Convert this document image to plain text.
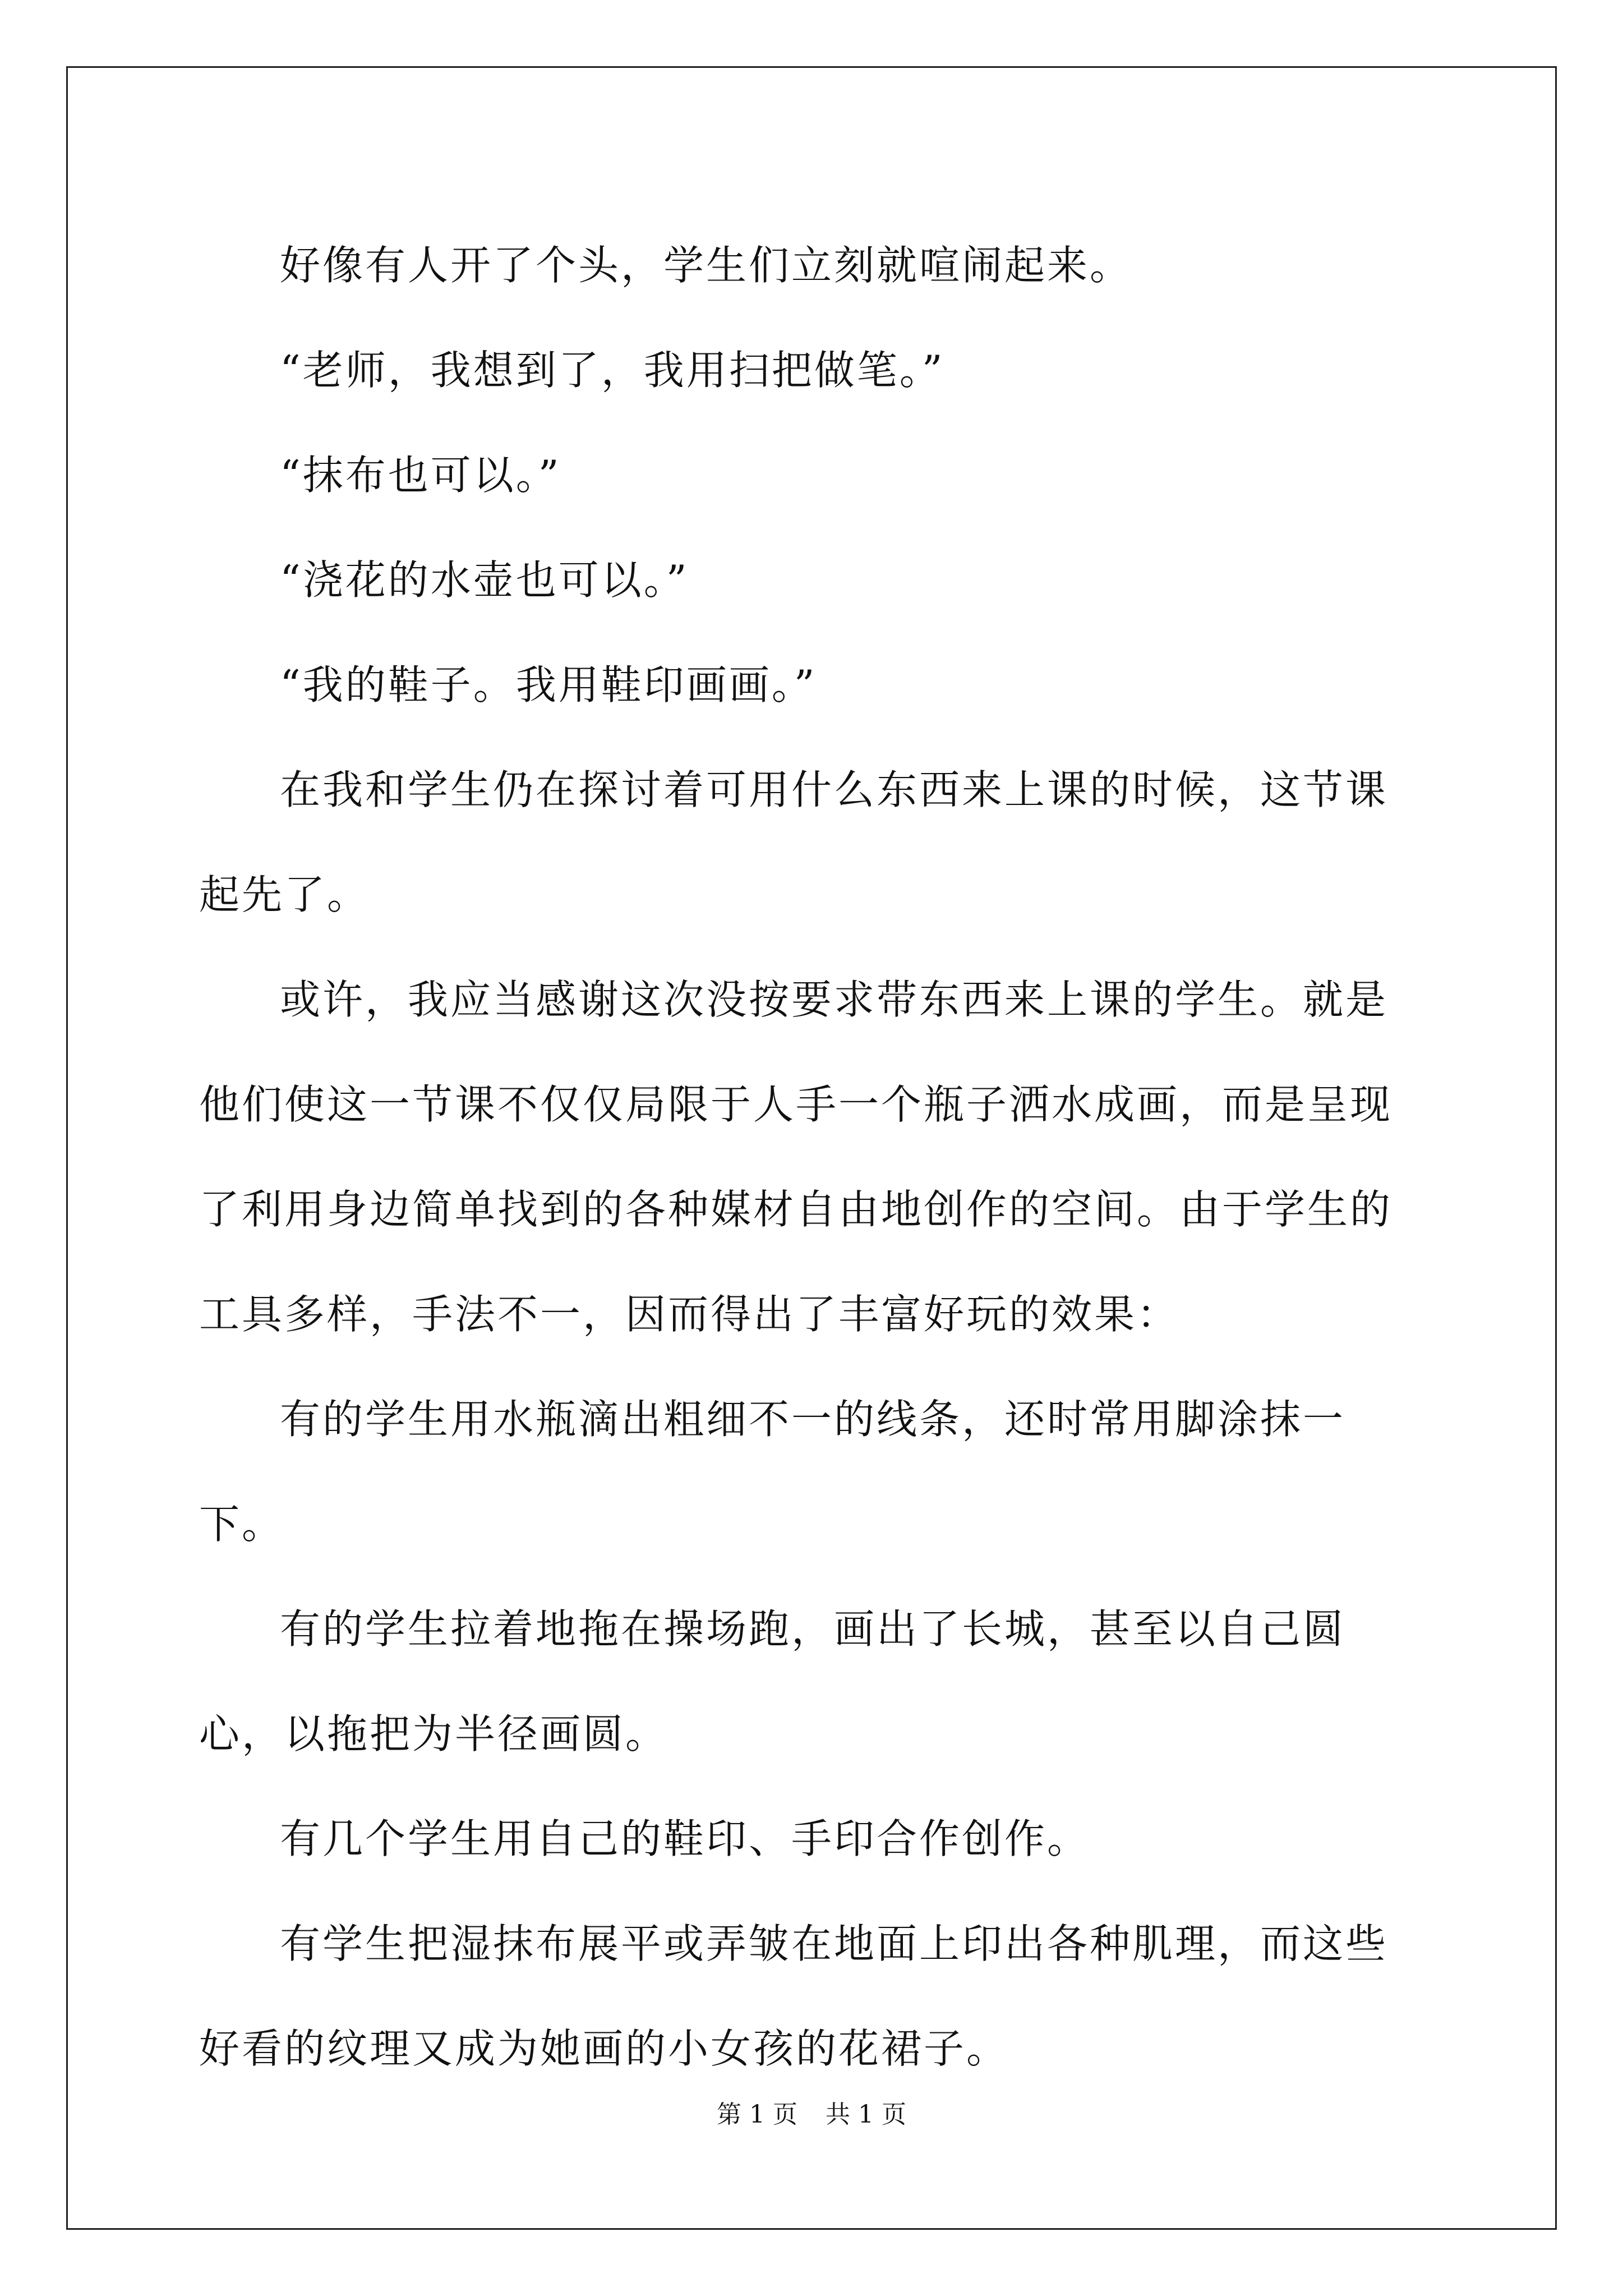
好像有人开了个头，学生们立刻就喧闹起来。

“老师，我想到了，我用扫把做笔。”

“抹布也可以。”

“浇花的水壶也可以。”

“我的鞋子。我用鞋印画画。”

在我和学生仍在探讨着可用什么东西来上课的时候，这节课起先了。

或许，我应当感谢这次没按要求带东西来上课的学生。就是他们使这一节课不仅仅局限于人手一个瓶子洒水成画，而是呈现了利用身边简单找到的各种媒材自由地创作的空间。由于学生的工具多样，手法不一，因而得出了丰富好玩的效果：

有的学生用水瓶滴出粗细不一的线条，还时常用脚涂抹一下。

有的学生拉着地拖在操场跑，画出了长城，甚至以自己圆心，以拖把为半径画圆。

有几个学生用自己的鞋印、手印合作创作。

有学生把湿抹布展平或弄皱在地面上印出各种肌理，而这些好看的纹理又成为她画的小女孩的花裙子。

第 1 页 共 1 页
